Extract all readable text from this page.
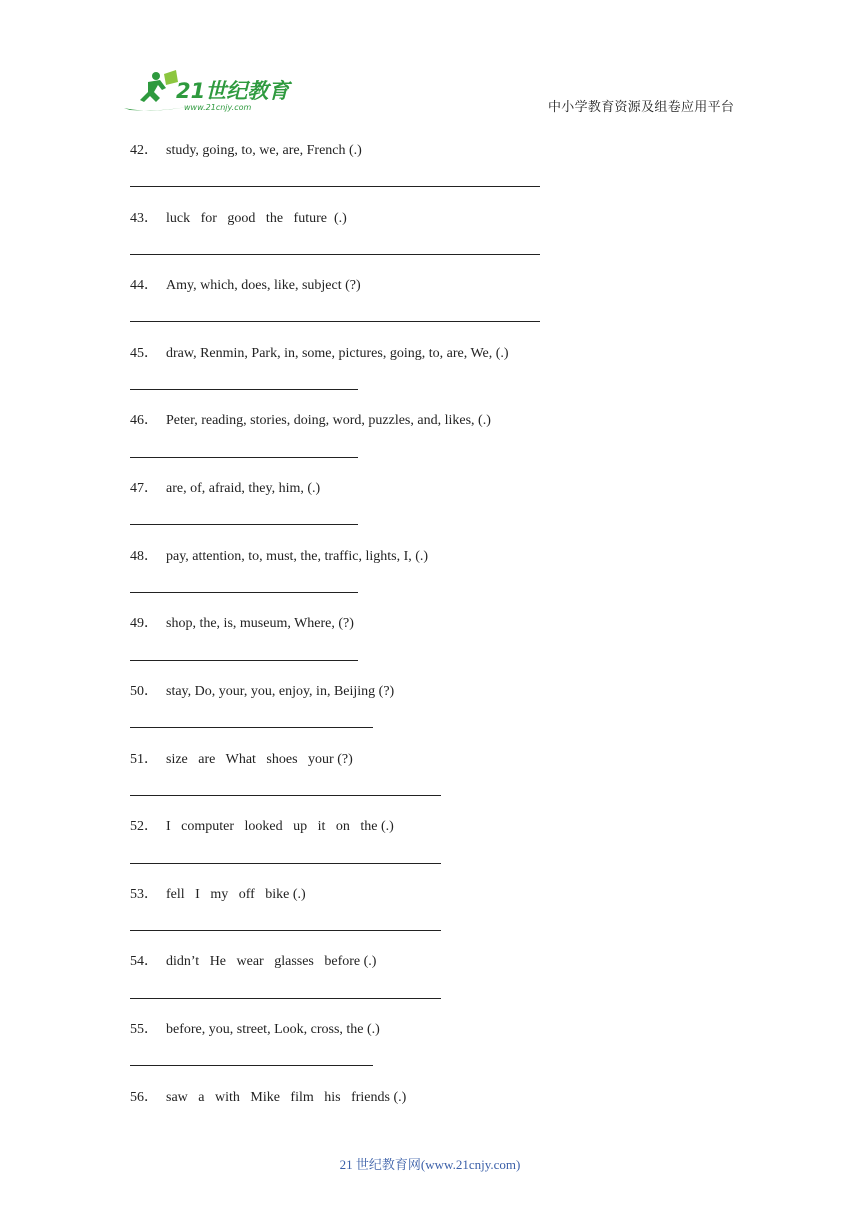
21世纪教育
www.21cnjy.com	中小学教育资源及组卷应用平台
42． study, going, to, we, are, French (.)
43． luck   for   good   the   future  (.)
44． Amy, which, does, like, subject (?)
45． draw, Renmin, Park, in, some, pictures, going, to, are, We, (.)
46． Peter, reading, stories, doing, word, puzzles, and, likes, (.)
47． are, of, afraid, they, him, (.)
48． pay, attention, to, must, the, traffic, lights, I, (.)
49． shop, the, is, museum, Where, (?)
50． stay, Do, your, you, enjoy, in, Beijing (?)
51． size   are   What   shoes   your (?)
52． I   computer   looked   up   it   on   the (.)
53． fell   I   my   off   bike (.)
54． didn’t   He   wear   glasses   before (.)
55． before, you, street, Look, cross, the (.)
56． saw   a   with   Mike   film   his   friends (.)
21 世纪教育网(www.21cnjy.com)
